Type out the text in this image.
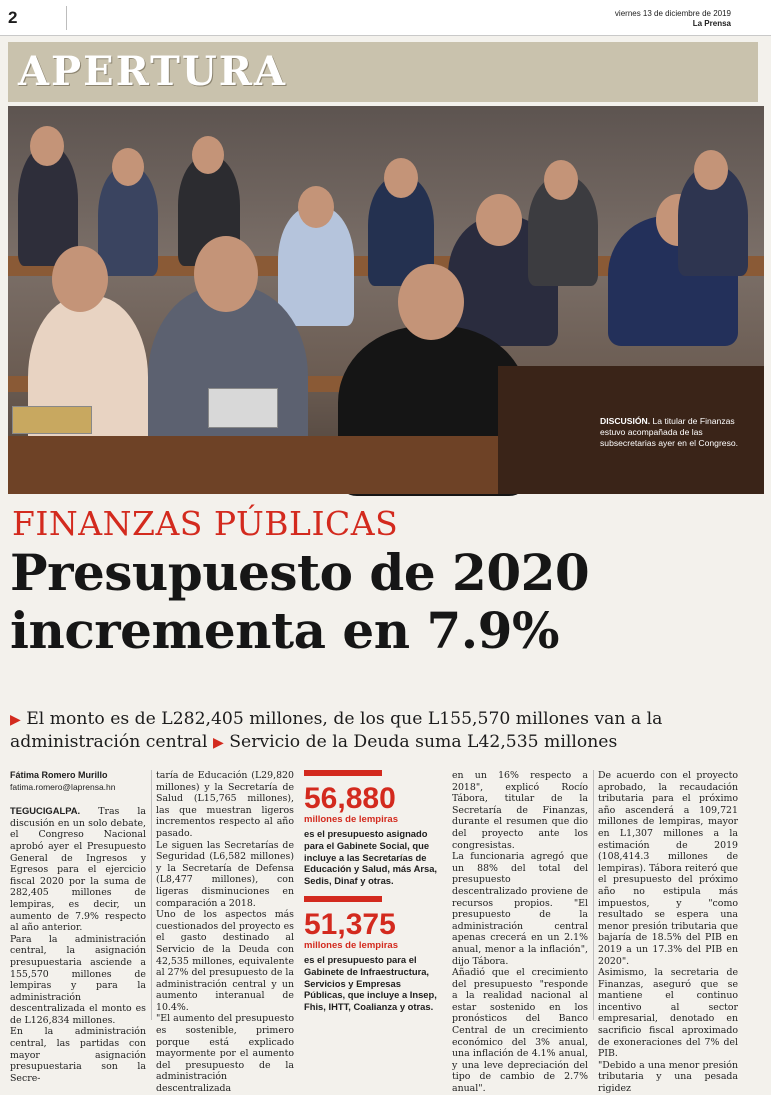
2	viernes 13 de diciembre de 2019
La Prensa
APERTURA
DISCUSIÓN. La titular de Finanzas estuvo acompañada de las subsecretarias ayer en el Congreso.
FINANZAS PÚBLICAS
Presupuesto de 2020
incrementa en 7.9%
▶ El monto es de L282,405 millones, de los que L155,570 millones van a la administración central ▶ Servicio de la Deuda suma L42,535 millones
Fátima Romero Murillo
fatima.romero@laprensa.hn

TEGUCIGALPA. Tras la discusión en un solo debate, el Congreso Nacional aprobó ayer el Presupuesto General de Ingresos y Egresos para el ejercicio fiscal 2020 por la suma de 282,405 millones de lempiras, es decir, un aumento de 7.9% respecto al año anterior.

Para la administración central, la asignación presupuestaria asciende a 155,570 millones de lempiras y para la administración descentralizada el monto es de L126,834 millones.

En la administración central, las partidas con mayor asignación presupuestaria son la Secre-

taría de Educación (L29,820 millones) y la Secretaría de Salud (L15,765 millones), las que muestran ligeros incrementos respecto al año pasado.

Le siguen las Secretarías de Seguridad (L6,582 millones) y la Secretaría de Defensa (L8,477 millones), con ligeras disminuciones en comparación a 2018.

Uno de los aspectos más cuestionados del proyecto es el gasto destinado al Servicio de la Deuda con 42,535 millones, equivalente al 27% del presupuesto de la administración central y un aumento interanual de 10.4%.

"El aumento del presupuesto es sostenible, primero porque está explicado mayormente por el aumento del presupuesto de la administración descentralizada

56,880
millones de lempiras
es el presupuesto asignado para el Gabinete Social, que incluye a las Secretarías de Educación y Salud, más Arsa, Sedis, Dinaf y otras.
51,375
millones de lempiras
es el presupuesto para el Gabinete de Infraestructura, Servicios y Empresas Públicas, que incluye a Insep, Fhis, IHTT, Coalianza y otras.

en un 16% respecto a 2018", explicó Rocío Tábora, titular de la Secretaría de Finanzas, durante el resumen que dio del proyecto ante los congresistas.

La funcionaria agregó que un 88% del total del presupuesto descentralizado proviene de recursos propios. "El presupuesto de la administración central apenas crecerá en un 2.1% anual, menor a la inflación", dijo Tábora.

Añadió que el crecimiento del presupuesto "responde a la realidad nacional al estar sostenido en los pronósticos del Banco Central de un crecimiento económico del 3% anual, una inflación de 4.1% anual, y una leve depreciación del tipo de cambio de 2.7% anual".

De acuerdo con el proyecto aprobado, la recaudación tributaria para el próximo año ascenderá a 109,721 millones de lempiras, mayor en L1,307 millones a la estimación de 2019 (108,414.3 millones de lempiras). Tábora reiteró que el presupuesto del próximo año no estipula más impuestos, y "como resultado se espera una menor presión tributaria que bajaría de 18.5% del PIB en 2019 a un 17.3% del PIB en 2020".

Asimismo, la secretaria de Finanzas, aseguró que se mantiene el continuo incentivo al sector empresarial, denotado en sacrificio fiscal aproximado de exoneraciones del 7% del PIB.

"Debido a una menor presión tributaria y una pesada rigidez
